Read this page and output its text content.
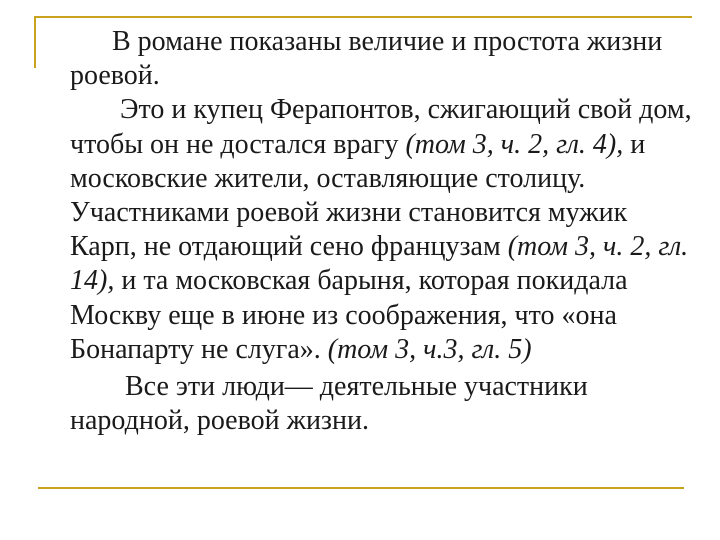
В романе показаны величие и простота жизни роевой.

Это и купец Ферапонтов, сжигающий свой дом, чтобы он не достался врагу (том 3, ч. 2, гл. 4), и московские жители, оставляющие столицу. Участниками роевой жизни становится мужик Карп, не отдающий сено французам (том 3, ч. 2, гл. 14), и та московская барыня, которая покидала Москву еще в июне из соображения, что «она Бонапарту не слуга». (том 3, ч.3, гл. 5)

Все эти люди— деятельные участники народной, роевой жизни.
